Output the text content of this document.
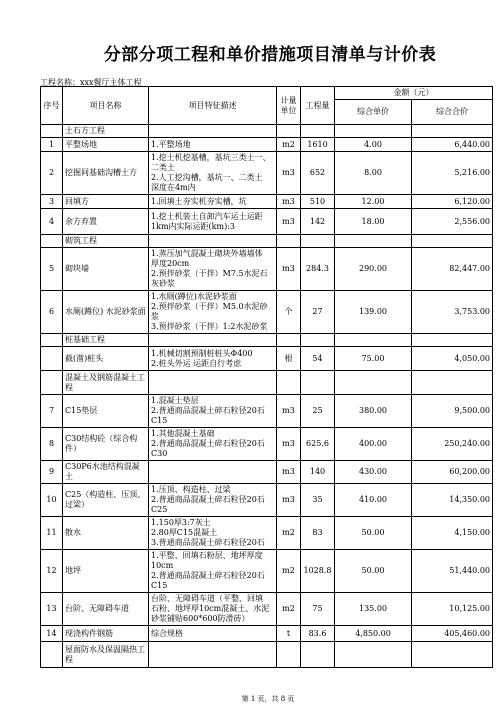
分部分项工程和单价措施项目清单与计价表
工程名称：xxx餐厅主体工程
序号	项目名称	项目特征描述	计量单位	工程量	金额（元）	
					综合单价	综合合价
	土石方工程					
1	平整场地	1.平整场地	m2	1610	4.00	6,440.00
2	挖掘间基础沟槽土方	1.挖土机挖基槽，基坑三类土一、
二类土
2.人工挖沟槽，基坑一、二类土
深度在4m内	m3	652	8.00	5,216.00
3	回填方	1.回填土夯实机夯实槽，坑	m3	510	12.00	6,120.00
4	余方弃置	1.挖土机装土自卸汽车运土运距
1km内实际运距(km):3	m3	142	18.00	2,556.00
	砌筑工程					
5	砌块墙	1.蒸压加气混凝土砌块外墙墙体
厚度20cm
2.预拌砂浆（干拌）M7.5水泥石
灰砂浆	m3	284.3	290.00	82,447.00
6	水厕(蹲位) 水泥砂浆面	1.水厕(蹲位)水泥砂浆面
2.预拌砂浆（干拌）M5.0水泥砂
浆
3.预拌砂浆（干拌）1:2水泥砂浆	个	27	139.00	3,753.00
	桩基础工程					
	截(凿)桩头	1.机械切割预制桩桩头Φ400
2.桩头外运 运距自行考虑	根	54	75.00	4,050.00
	混凝土及钢筋混凝土工程					
7	C15垫层	1.混凝土垫层
2.普通商品混凝土碎石粒径20石
C15	m3	25	380.00	9,500.00
8	C30结构砼（综合构件）	1.其他混凝土基础
2.普通商品混凝土碎石粒径20石
C30	m3	625.6	400.00	250,240.00
9	C30P6水池结构混凝土		m3	140	430.00	60,200.00
10	C25（构造柱、压顶、过梁）	1.压顶、构造柱、过梁
2.普通商品混凝土碎石粒径20石
C25	m3	35	410.00	14,350.00
11	散水	1.150厚3:7灰土
2.80厚C15混凝土
3.普通商品混凝土碎石粒径20石	m2	83	50.00	4,150.00
12	地坪	1.平整、回填石粉层、地坪厚度
10cm
2.普通商品混凝土碎石粒径20石
C15	m2	1028.8	50.00	51,440.00
13	台阶、无障碍车道	台阶、无障碍车道（平整、回填
石粉、地坪厚10cm混凝土、水泥
砂浆铺贴600*600防滑砖）	m2	75	135.00	10,125.00
14	现浇构件钢筋	综合规格	t	83.6	4,850.00	405,460.00
	屋面防水及保温隔热工程					
第 1 页，共 8 页
